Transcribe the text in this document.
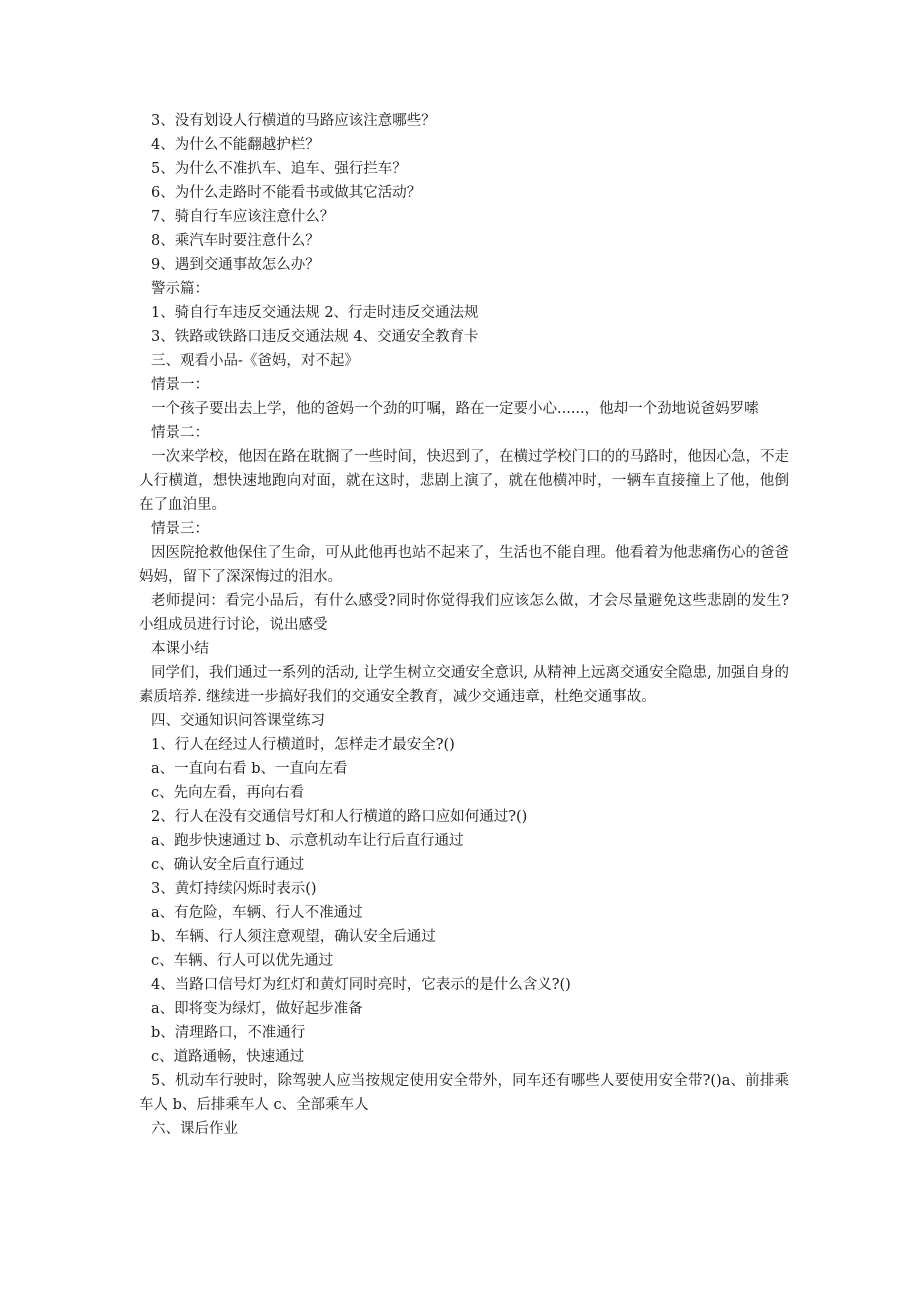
3、没有划设人行横道的马路应该注意哪些？
4、为什么不能翻越护栏？
5、为什么不准扒车、追车、强行拦车？
6、为什么走路时不能看书或做其它活动？
7、骑自行车应该注意什么？
8、乘汽车时要注意什么？
9、遇到交通事故怎么办？
警示篇：
1、骑自行车违反交通法规 2、行走时违反交通法规
3、铁路或铁路口违反交通法规 4、交通安全教育卡
三、观看小品-《爸妈，对不起》
情景一：
一个孩子要出去上学，他的爸妈一个劲的叮嘱，路在一定要小心......，他却一个劲地说爸妈罗嗦
情景二：
一次来学校，他因在路在耽搁了一些时间，快迟到了，在横过学校门口的的马路时，他因心急，不走人行横道，想快速地跑向对面，就在这时，悲剧上演了，就在他横冲时，一辆车直接撞上了他，他倒在了血泊里。
情景三：
因医院抢救他保住了生命，可从此他再也站不起来了，生活也不能自理。他看着为他悲痛伤心的爸爸妈妈，留下了深深悔过的泪水。
老师提问：看完小品后，有什么感受?同时你觉得我们应该怎么做，才会尽量避免这些悲剧的发生?小组成员进行讨论，说出感受
本课小结
同学们，我们通过一系列的活动, 让学生树立交通安全意识, 从精神上远离交通安全隐患, 加强自身的素质培养. 继续进一步搞好我们的交通安全教育，减少交通违章，杜绝交通事故。
四、交通知识问答课堂练习
1、行人在经过人行横道时，怎样走才最安全?()
a、一直向右看 b、一直向左看
c、先向左看，再向右看
2、行人在没有交通信号灯和人行横道的路口应如何通过?()
a、跑步快速通过 b、示意机动车让行后直行通过
c、确认安全后直行通过
3、黄灯持续闪烁时表示()
a、有危险，车辆、行人不准通过
b、车辆、行人须注意观望，确认安全后通过
c、车辆、行人可以优先通过
4、当路口信号灯为红灯和黄灯同时亮时，它表示的是什么含义?()
a、即将变为绿灯，做好起步准备
b、清理路口，不准通行
c、道路通畅，快速通过
5、机动车行驶时，除驾驶人应当按规定使用安全带外，同车还有哪些人要使用安全带?()a、前排乘车人 b、后排乘车人 c、全部乘车人
六、课后作业
